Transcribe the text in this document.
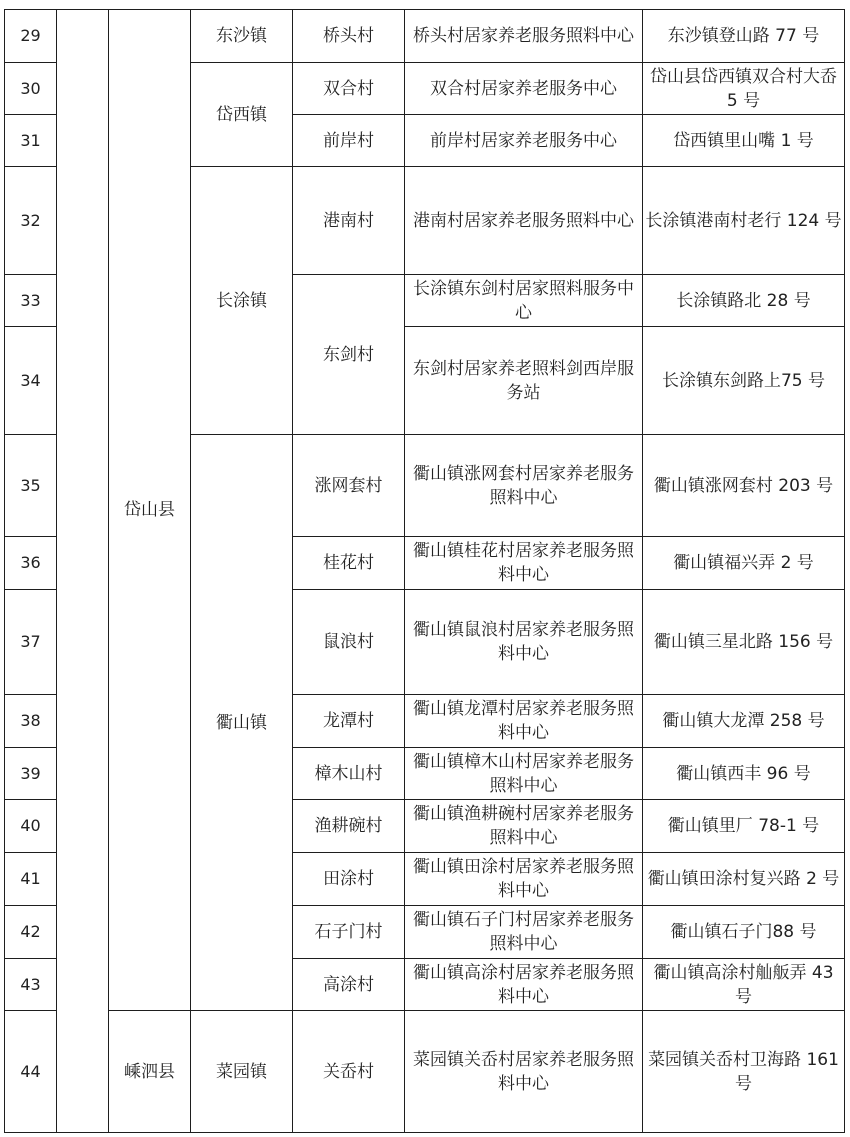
29		岱山县	东沙镇	桥头村	桥头村居家养老服务照料中心	东沙镇登山路 77 号
30			岱西镇	双合村	双合村居家养老服务中心	岱山县岱西镇双合村大岙 5 号
31				前岸村	前岸村居家养老服务中心	岱西镇里山嘴 1 号
32			长涂镇	港南村	港南村居家养老服务照料中心	长涂镇港南村老行 124 号
33				东剑村	长涂镇东剑村居家照料服务中心	长涂镇路北 28 号
34					东剑村居家养老照料剑西岸服务站	长涂镇东剑路上75 号
35			衢山镇	涨网套村	衢山镇涨网套村居家养老服务照料中心	衢山镇涨网套村 203 号
36				桂花村	衢山镇桂花村居家养老服务照料中心	衢山镇福兴弄 2 号
37				鼠浪村	衢山镇鼠浪村居家养老服务照料中心	衢山镇三星北路 156 号
38				龙潭村	衢山镇龙潭村居家养老服务照料中心	衢山镇大龙潭 258 号
39				樟木山村	衢山镇樟木山村居家养老服务照料中心	衢山镇西丰 96 号
40				渔耕碗村	衢山镇渔耕碗村居家养老服务照料中心	衢山镇里厂 78-1 号
41				田涂村	衢山镇田涂村居家养老服务照料中心	衢山镇田涂村复兴路 2 号
42				石子门村	衢山镇石子门村居家养老服务照料中心	衢山镇石子门88 号
43				高涂村	衢山镇高涂村居家养老服务照料中心	衢山镇高涂村舢舨弄 43 号
44		嵊泗县	菜园镇	关岙村	菜园镇关岙村居家养老服务照料中心	菜园镇关岙村卫海路 161 号
